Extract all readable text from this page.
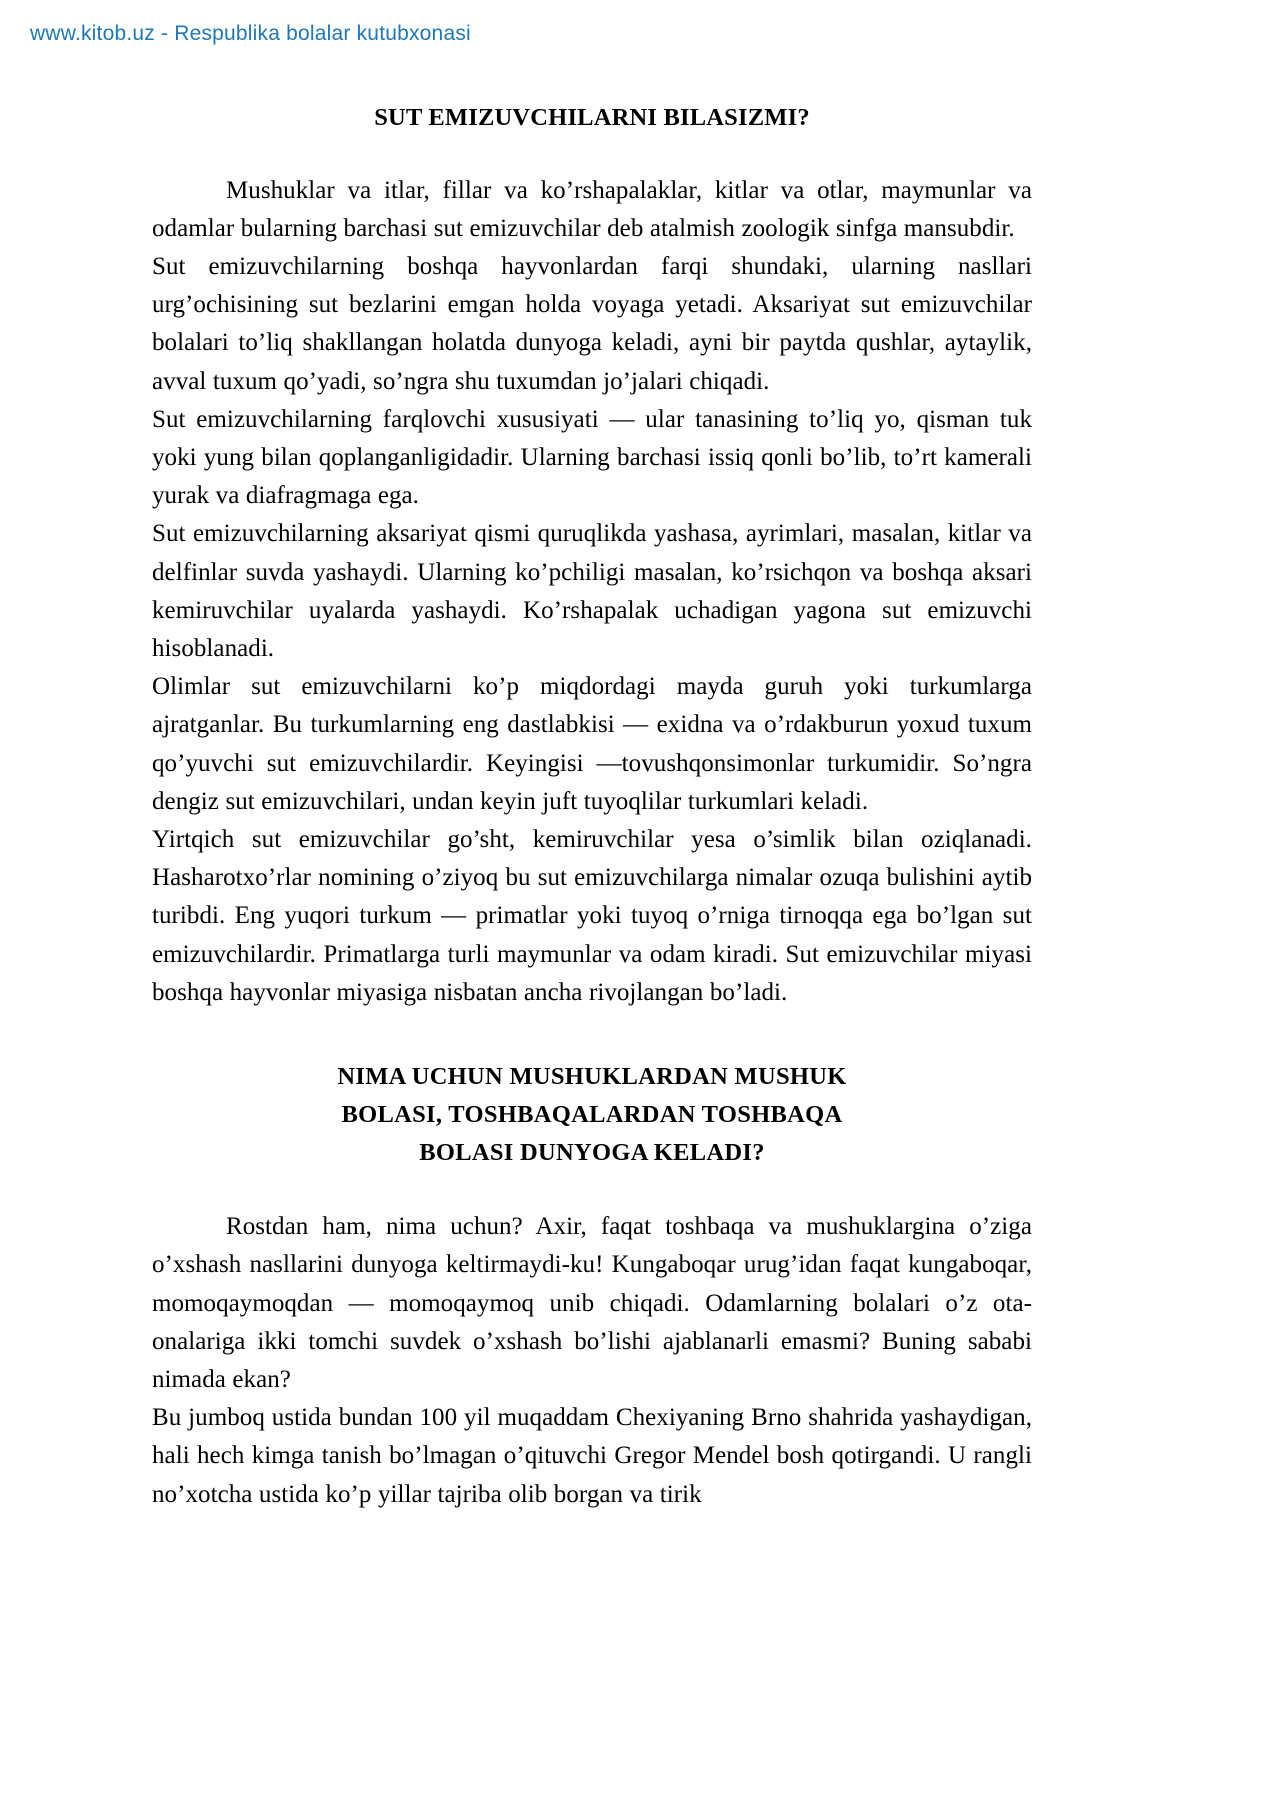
www.kitob.uz - Respublika bolalar kutubxonasi
SUT EMIZUVCHILARNI BILASIZMI?

Mushuklar va itlar, fillar va ko’rshapalaklar, kitlar va otlar, maymunlar va odamlar bularning barchasi sut emizuvchilar deb atalmish zoologik sinfga mansubdir.

Sut emizuvchilarning boshqa hayvonlardan farqi shundaki, ularning nasllari urg’ochisining sut bezlarini emgan holda voyaga yetadi. Aksariyat sut emizuvchilar bolalari to’liq shakllangan holatda dunyoga keladi, ayni bir paytda qushlar, aytaylik, avval tuxum qo’yadi, so’ngra shu tuxumdan jo’jalari chiqadi.

Sut emizuvchilarning farqlovchi xususiyati — ular tanasining to’liq yo, qisman tuk yoki yung bilan qoplanganligidadir. Ularning barchasi issiq qonli bo’lib, to’rt kamerali yurak va diafragmaga ega.

Sut emizuvchilarning aksariyat qismi quruqlikda yashasa, ayrimlari, masalan, kitlar va delfinlar suvda yashaydi. Ularning ko’pchiligi masalan, ko’rsichqon va boshqa aksari kemiruvchilar uyalarda yashaydi. Ko’rshapalak uchadigan yagona sut emizuvchi hisoblanadi.

Olimlar sut emizuvchilarni ko’p miqdordagi mayda guruh yoki turkumlarga ajratganlar. Bu turkumlarning eng dastlabkisi — exidna va o’rdakburun yoxud tuxum qo’yuvchi sut emizuvchilardir. Keyingisi —tovushqonsimonlar turkumidir. So’ngra dengiz sut emizuvchilari, undan keyin juft tuyoqlilar turkumlari keladi.

Yirtqich sut emizuvchilar go’sht, kemiruvchilar yesa o’simlik bilan oziqlanadi. Hasharotxo’rlar nomining o’ziyoq bu sut emizuvchilarga nimalar ozuqa bulishini aytib turibdi. Eng yuqori turkum — primatlar yoki tuyoq o’rniga tirnoqqa ega bo’lgan sut emizuvchilardir. Primatlarga turli maymunlar va odam kiradi. Sut emizuvchilar miyasi boshqa hayvonlar miyasiga nisbatan ancha rivojlangan bo’ladi.

NIMA UCHUN MUSHUKLARDAN MUSHUK
BOLASI, TOSHBAQALARDAN TOSHBAQA
BOLASI DUNYOGA KELADI?

Rostdan ham, nima uchun? Axir, faqat toshbaqa va mushuklargina o’ziga o’xshash nasllarini dunyoga keltirmaydi-ku! Kungaboqar urug’idan faqat kungaboqar, momoqaymoqdan — momoqaymoq unib chiqadi. Odamlarning bolalari o’z ota-onalariga ikki tomchi suvdek o’xshash bo’lishi ajablanarli emasmi? Buning sababi nimada ekan?

Bu jumboq ustida bundan 100 yil muqaddam Chexiyaning Brno shahrida yashaydigan, hali hech kimga tanish bo’lmagan o’qituvchi Gregor Mendel bosh qotirgandi. U rangli no’xotcha ustida ko’p yillar tajriba olib borgan va tirik
